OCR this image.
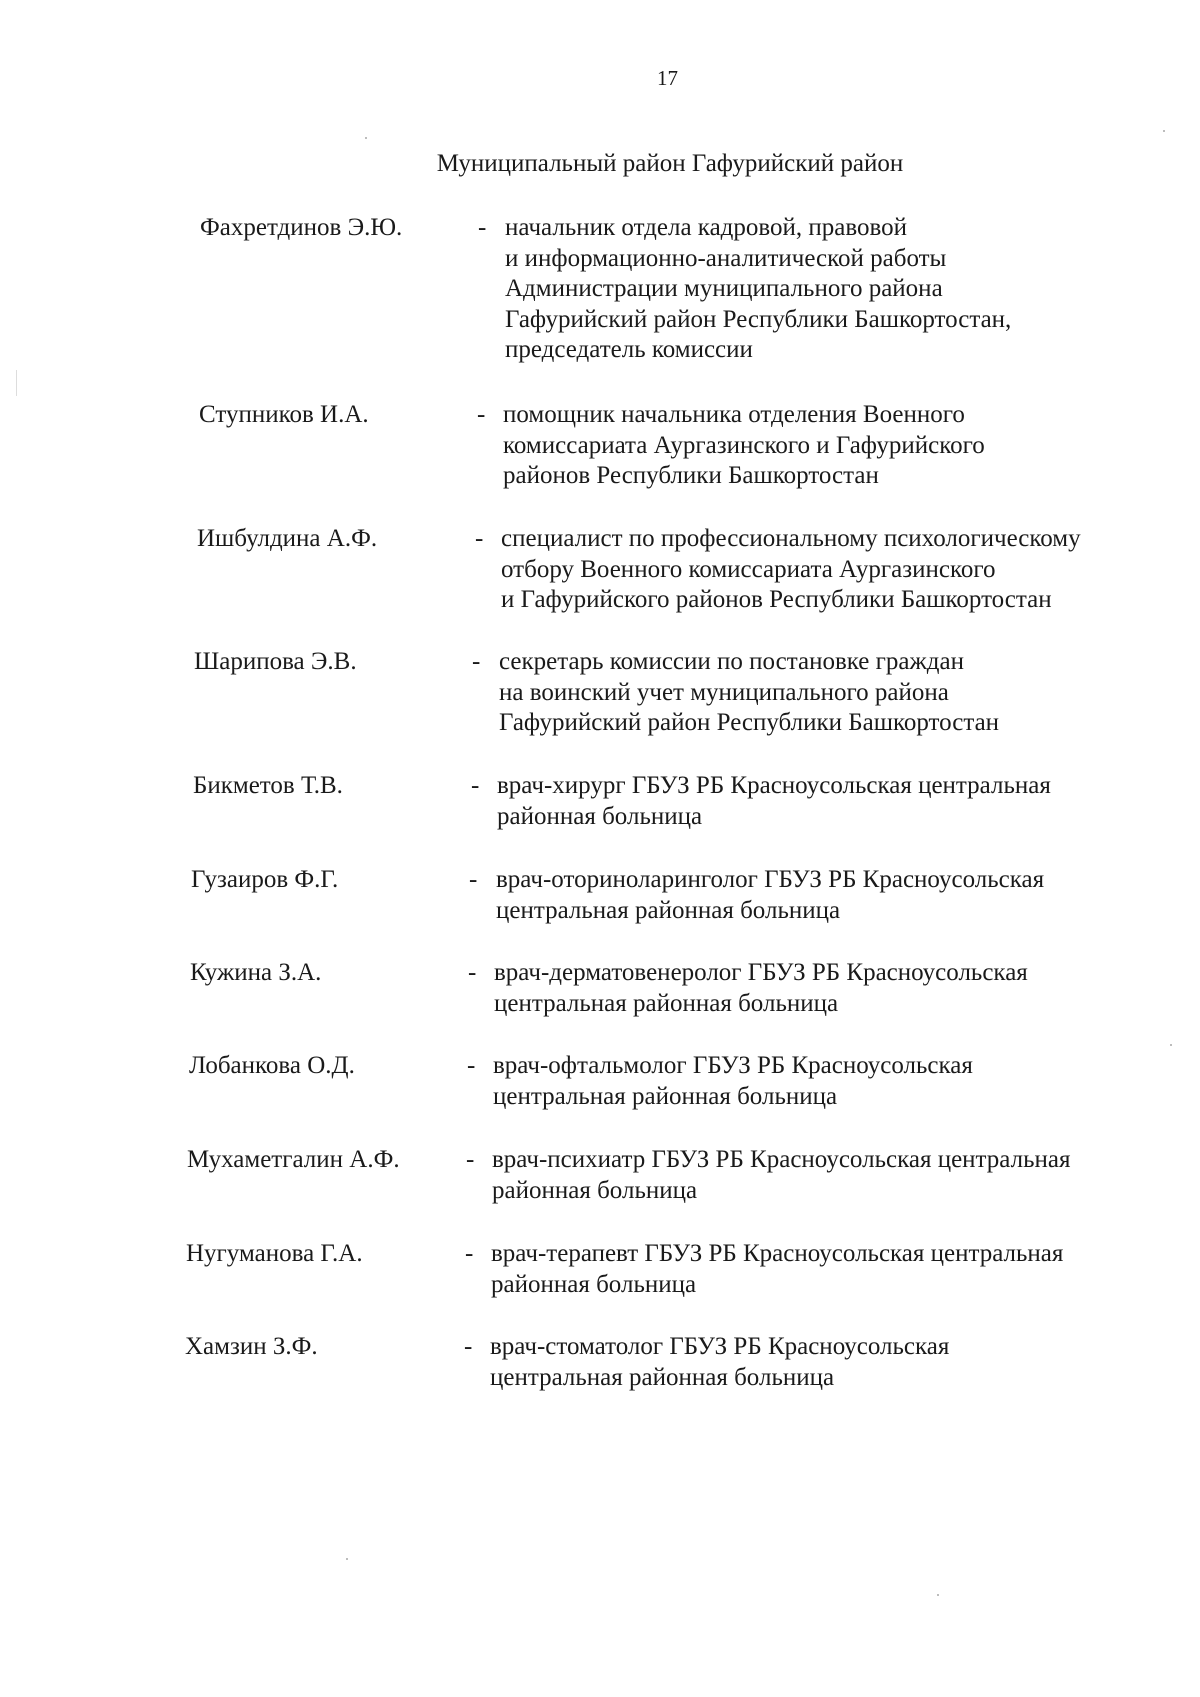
17
Муниципальный район Гафурийский район
Фахретдинов Э.Ю.	- начальник отдела кадровой, правовой
и информационно-аналитической работы
Администрации муниципального района
Гафурийский район Республики Башкортостан,
председатель комиссии
Ступников И.А.	- помощник начальника отделения Военного
комиссариата Аургазинского и Гафурийского
районов Республики Башкортостан
Ишбулдина А.Ф.	- специалист по профессиональному психологическому
отбору Военного комиссариата Аургазинского
и Гафурийского районов Республики Башкортостан
Шарипова Э.В.	- секретарь комиссии по постановке граждан
на воинский учет муниципального района
Гафурийский район Республики Башкортостан
Бикметов Т.В.	- врач-хирург ГБУЗ РБ Красноусольская центральная
районная больница
Гузаиров Ф.Г.	- врач-оториноларинголог ГБУЗ РБ Красноусольская
центральная районная больница
Кужина З.А.	- врач-дерматовенеролог ГБУЗ РБ Красноусольская
центральная районная больница
Лобанкова О.Д.	- врач-офтальмолог ГБУЗ РБ Красноусольская
центральная районная больница
Мухаметгалин А.Ф.	- врач-психиатр ГБУЗ РБ Красноусольская центральная
районная больница
Нугуманова Г.А.	- врач-терапевт ГБУЗ РБ Красноусольская центральная
районная больница
Хамзин З.Ф.	- врач-стоматолог ГБУЗ РБ Красноусольская
центральная районная больница
